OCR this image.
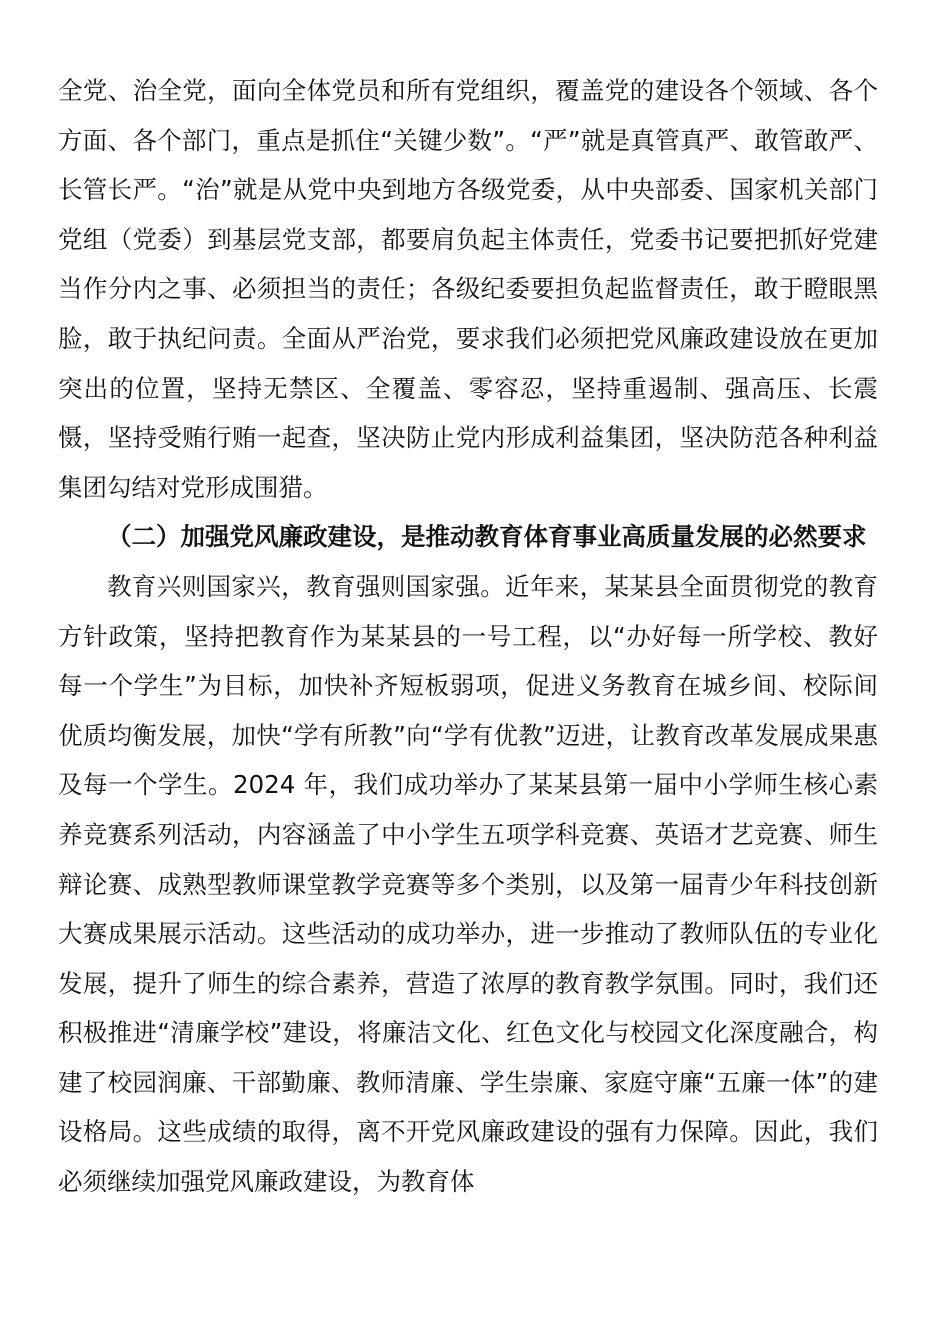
全党、治全党，面向全体党员和所有党组织，覆盖党的建设各个领域、各个方面、各个部门，重点是抓住“关键少数”。“严”就是真管真严、敢管敢严、长管长严。“治”就是从党中央到地方各级党委，从中央部委、国家机关部门党组（党委）到基层党支部，都要肩负起主体责任，党委书记要把抓好党建当作分内之事、必须担当的责任；各级纪委要担负起监督责任，敢于瞪眼黑脸，敢于执纪问责。全面从严治党，要求我们必须把党风廉政建设放在更加突出的位置，坚持无禁区、全覆盖、零容忍，坚持重遏制、强高压、长震慑，坚持受贿行贿一起查，坚决防止党内形成利益集团，坚决防范各种利益集团勾结对党形成围猎。

（二）加强党风廉政建设，是推动教育体育事业高质量发展的必然要求

教育兴则国家兴，教育强则国家强。近年来，某某县全面贯彻党的教育方针政策，坚持把教育作为某某县的一号工程，以“办好每一所学校、教好每一个学生”为目标，加快补齐短板弱项，促进义务教育在城乡间、校际间优质均衡发展，加快“学有所教”向“学有优教”迈进，让教育改革发展成果惠及每一个学生。2024 年，我们成功举办了某某县第一届中小学师生核心素养竞赛系列活动，内容涵盖了中小学生五项学科竞赛、英语才艺竞赛、师生辩论赛、成熟型教师课堂教学竞赛等多个类别，以及第一届青少年科技创新大赛成果展示活动。这些活动的成功举办，进一步推动了教师队伍的专业化发展，提升了师生的综合素养，营造了浓厚的教育教学氛围。同时，我们还积极推进“清廉学校”建设，将廉洁文化、红色文化与校园文化深度融合，构建了校园润廉、干部勤廉、教师清廉、学生崇廉、家庭守廉“五廉一体”的建设格局。这些成绩的取得，离不开党风廉政建设的强有力保障。因此，我们必须继续加强党风廉政建设，为教育体
